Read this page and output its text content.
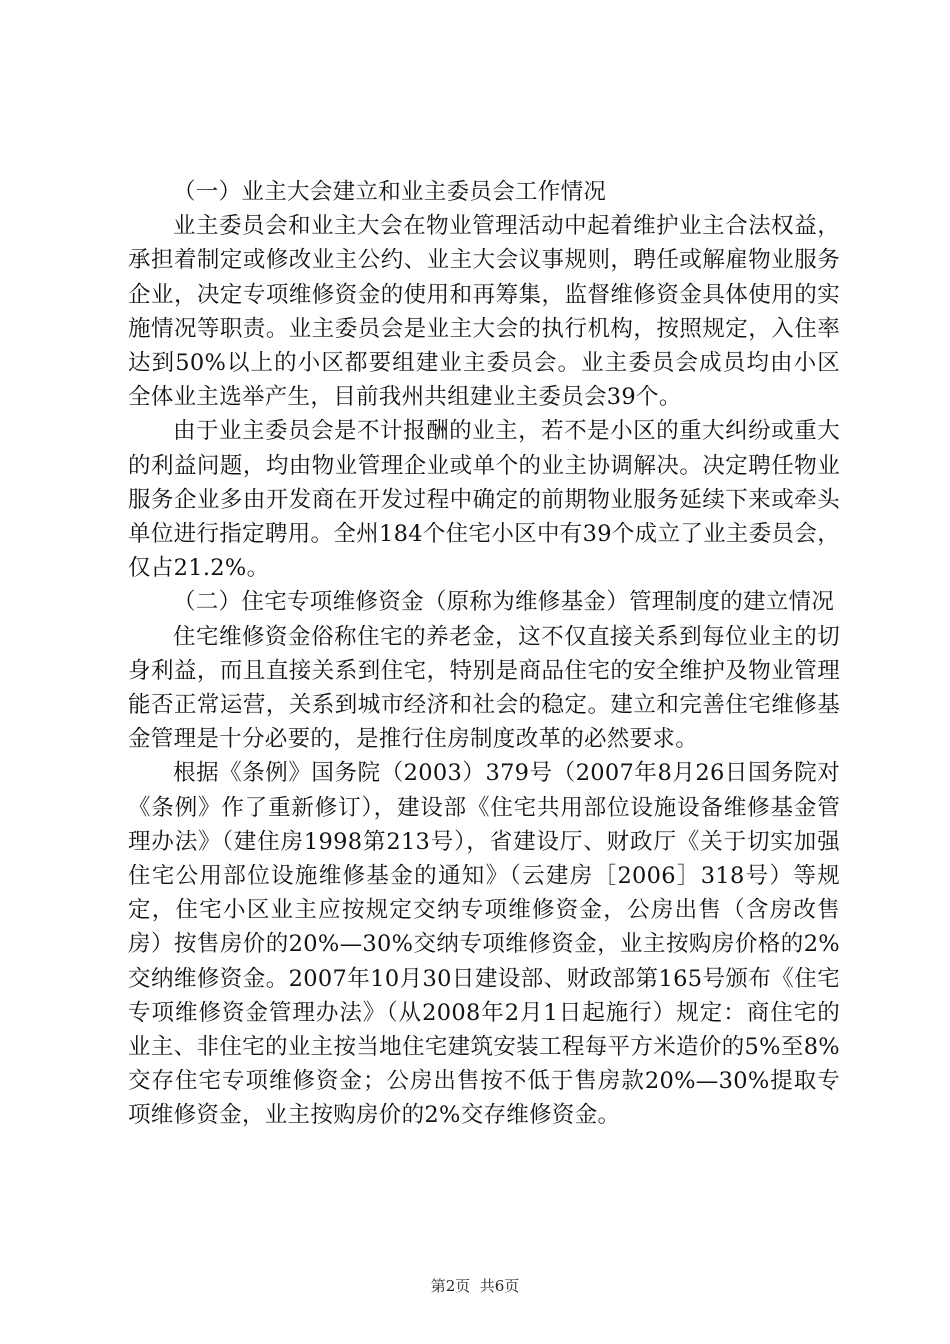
（一）业主大会建立和业主委员会工作情况

业主委员会和业主大会在物业管理活动中起着维护业主合法权益，承担着制定或修改业主公约、业主大会议事规则，聘任或解雇物业服务企业，决定专项维修资金的使用和再筹集，监督维修资金具体使用的实施情况等职责。业主委员会是业主大会的执行机构，按照规定，入住率达到50%以上的小区都要组建业主委员会。业主委员会成员均由小区全体业主选举产生，目前我州共组建业主委员会39个。

由于业主委员会是不计报酬的业主，若不是小区的重大纠纷或重大的利益问题，均由物业管理企业或单个的业主协调解决。决定聘任物业服务企业多由开发商在开发过程中确定的前期物业服务延续下来或牵头单位进行指定聘用。全州184个住宅小区中有39个成立了业主委员会，仅占21.2%。

（二）住宅专项维修资金（原称为维修基金）管理制度的建立情况

住宅维修资金俗称住宅的养老金，这不仅直接关系到每位业主的切身利益，而且直接关系到住宅，特别是商品住宅的安全维护及物业管理能否正常运营，关系到城市经济和社会的稳定。建立和完善住宅维修基金管理是十分必要的，是推行住房制度改革的必然要求。

根据《条例》国务院（2003）379号（2007年8月26日国务院对《条例》作了重新修订），建设部《住宅共用部位设施设备维修基金管理办法》（建住房1998第213号），省建设厅、财政厅《关于切实加强住宅公用部位设施维修基金的通知》（云建房［2006］318号）等规定，住宅小区业主应按规定交纳专项维修资金，公房出售（含房改售房）按售房价的20%—30%交纳专项维修资金，业主按购房价格的2%交纳维修资金。2007年10月30日建设部、财政部第165号颁布《住宅专项维修资金管理办法》（从2008年2月1日起施行）规定：商住宅的业主、非住宅的业主按当地住宅建筑安装工程每平方米造价的5%至8%交存住宅专项维修资金；公房出售按不低于售房款20%—30%提取专项维修资金，业主按购房价的2%交存维修资金。

第2页  共6页
